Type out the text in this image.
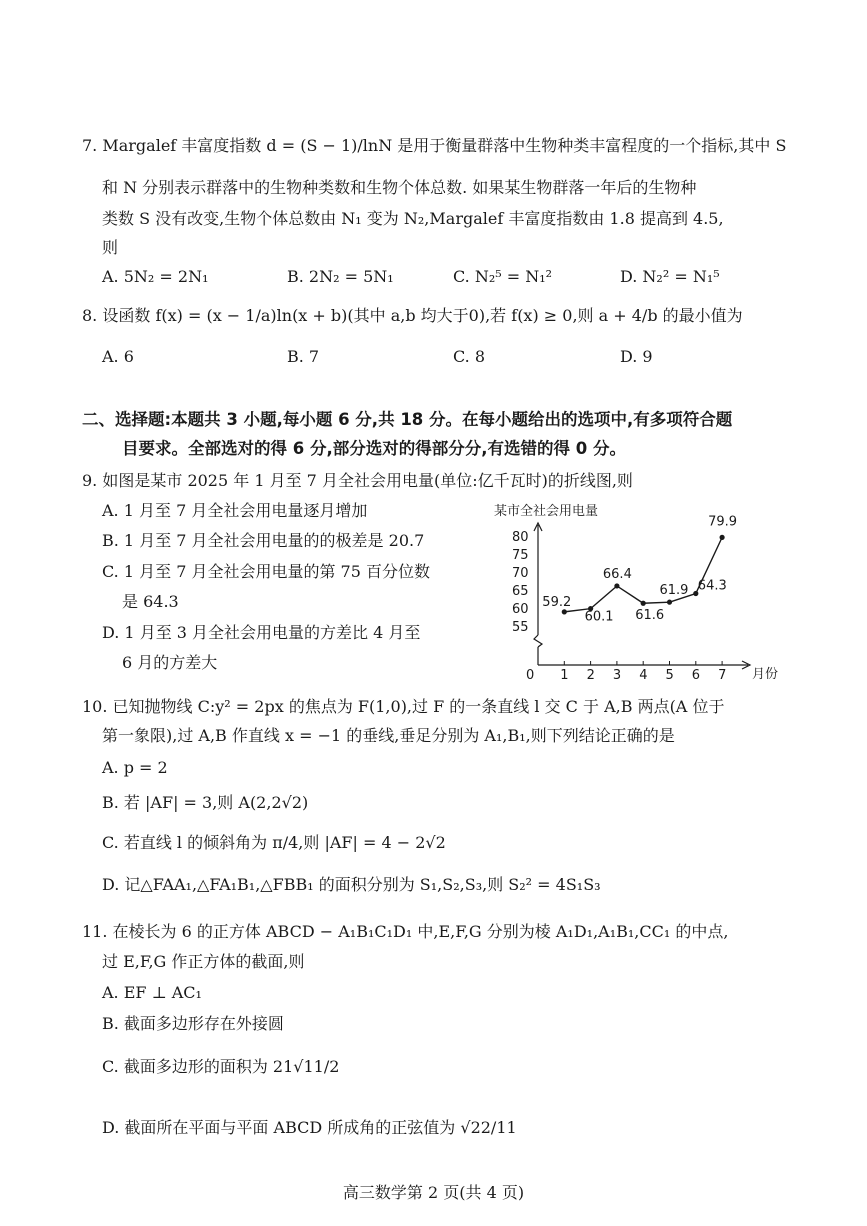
7. Margalef 丰富度指数 d = (S − 1)/lnN 是用于衡量群落中生物种类丰富程度的一个指标,其中 S
和 N 分别表示群落中的生物种类数和生物个体总数. 如果某生物群落一年后的生物种
类数 S 没有改变,生物个体总数由 N₁ 变为 N₂,Margalef 丰富度指数由 1.8 提高到 4.5,
则
A. 5N₂ = 2N₁	B. 2N₂ = 5N₁	C. N₂⁵ = N₁²	D. N₂² = N₁⁵
8. 设函数 f(x) = (x − 1/a)ln(x + b)(其中 a,b 均大于0),若 f(x) ≥ 0,则 a + 4/b 的最小值为
A. 6	B. 7	C. 8	D. 9
二、选择题:本题共 3 小题,每小题 6 分,共 18 分。在每小题给出的选项中,有多项符合题
目要求。全部选对的得 6 分,部分选对的得部分分,有选错的得 0 分。
9. 如图是某市 2025 年 1 月至 7 月全社会用电量(单位:亿千瓦时)的折线图,则
A. 1 月至 7 月全社会用电量逐月增加
B. 1 月至 7 月全社会用电量的的极差是 20.7
C. 1 月至 7 月全社会用电量的第 75 百分位数
是 64.3
D. 1 月至 3 月全社会用电量的方差比 4 月至
6 月的方差大
某市全社会用电量
55
60
65
70
75
80
0 1 2 3 4 5 6 7
59.2
60.1
66.4
61.6
61.9 64.3
79.9
月份
10. 已知抛物线 C:y² = 2px 的焦点为 F(1,0),过 F 的一条直线 l 交 C 于 A,B 两点(A 位于
第一象限),过 A,B 作直线 x = −1 的垂线,垂足分别为 A₁,B₁,则下列结论正确的是
A. p = 2
B. 若 |AF| = 3,则 A(2,2√2)
C. 若直线 l 的倾斜角为 π/4,则 |AF| = 4 − 2√2
D. 记△FAA₁,△FA₁B₁,△FBB₁ 的面积分别为 S₁,S₂,S₃,则 S₂² = 4S₁S₃
11. 在棱长为 6 的正方体 ABCD − A₁B₁C₁D₁ 中,E,F,G 分别为棱 A₁D₁,A₁B₁,CC₁ 的中点,
过 E,F,G 作正方体的截面,则
A. EF ⊥ AC₁
B. 截面多边形存在外接圆
C. 截面多边形的面积为 21√11/2
D. 截面所在平面与平面 ABCD 所成角的正弦值为 √22/11
高三数学第 2 页(共 4 页)
